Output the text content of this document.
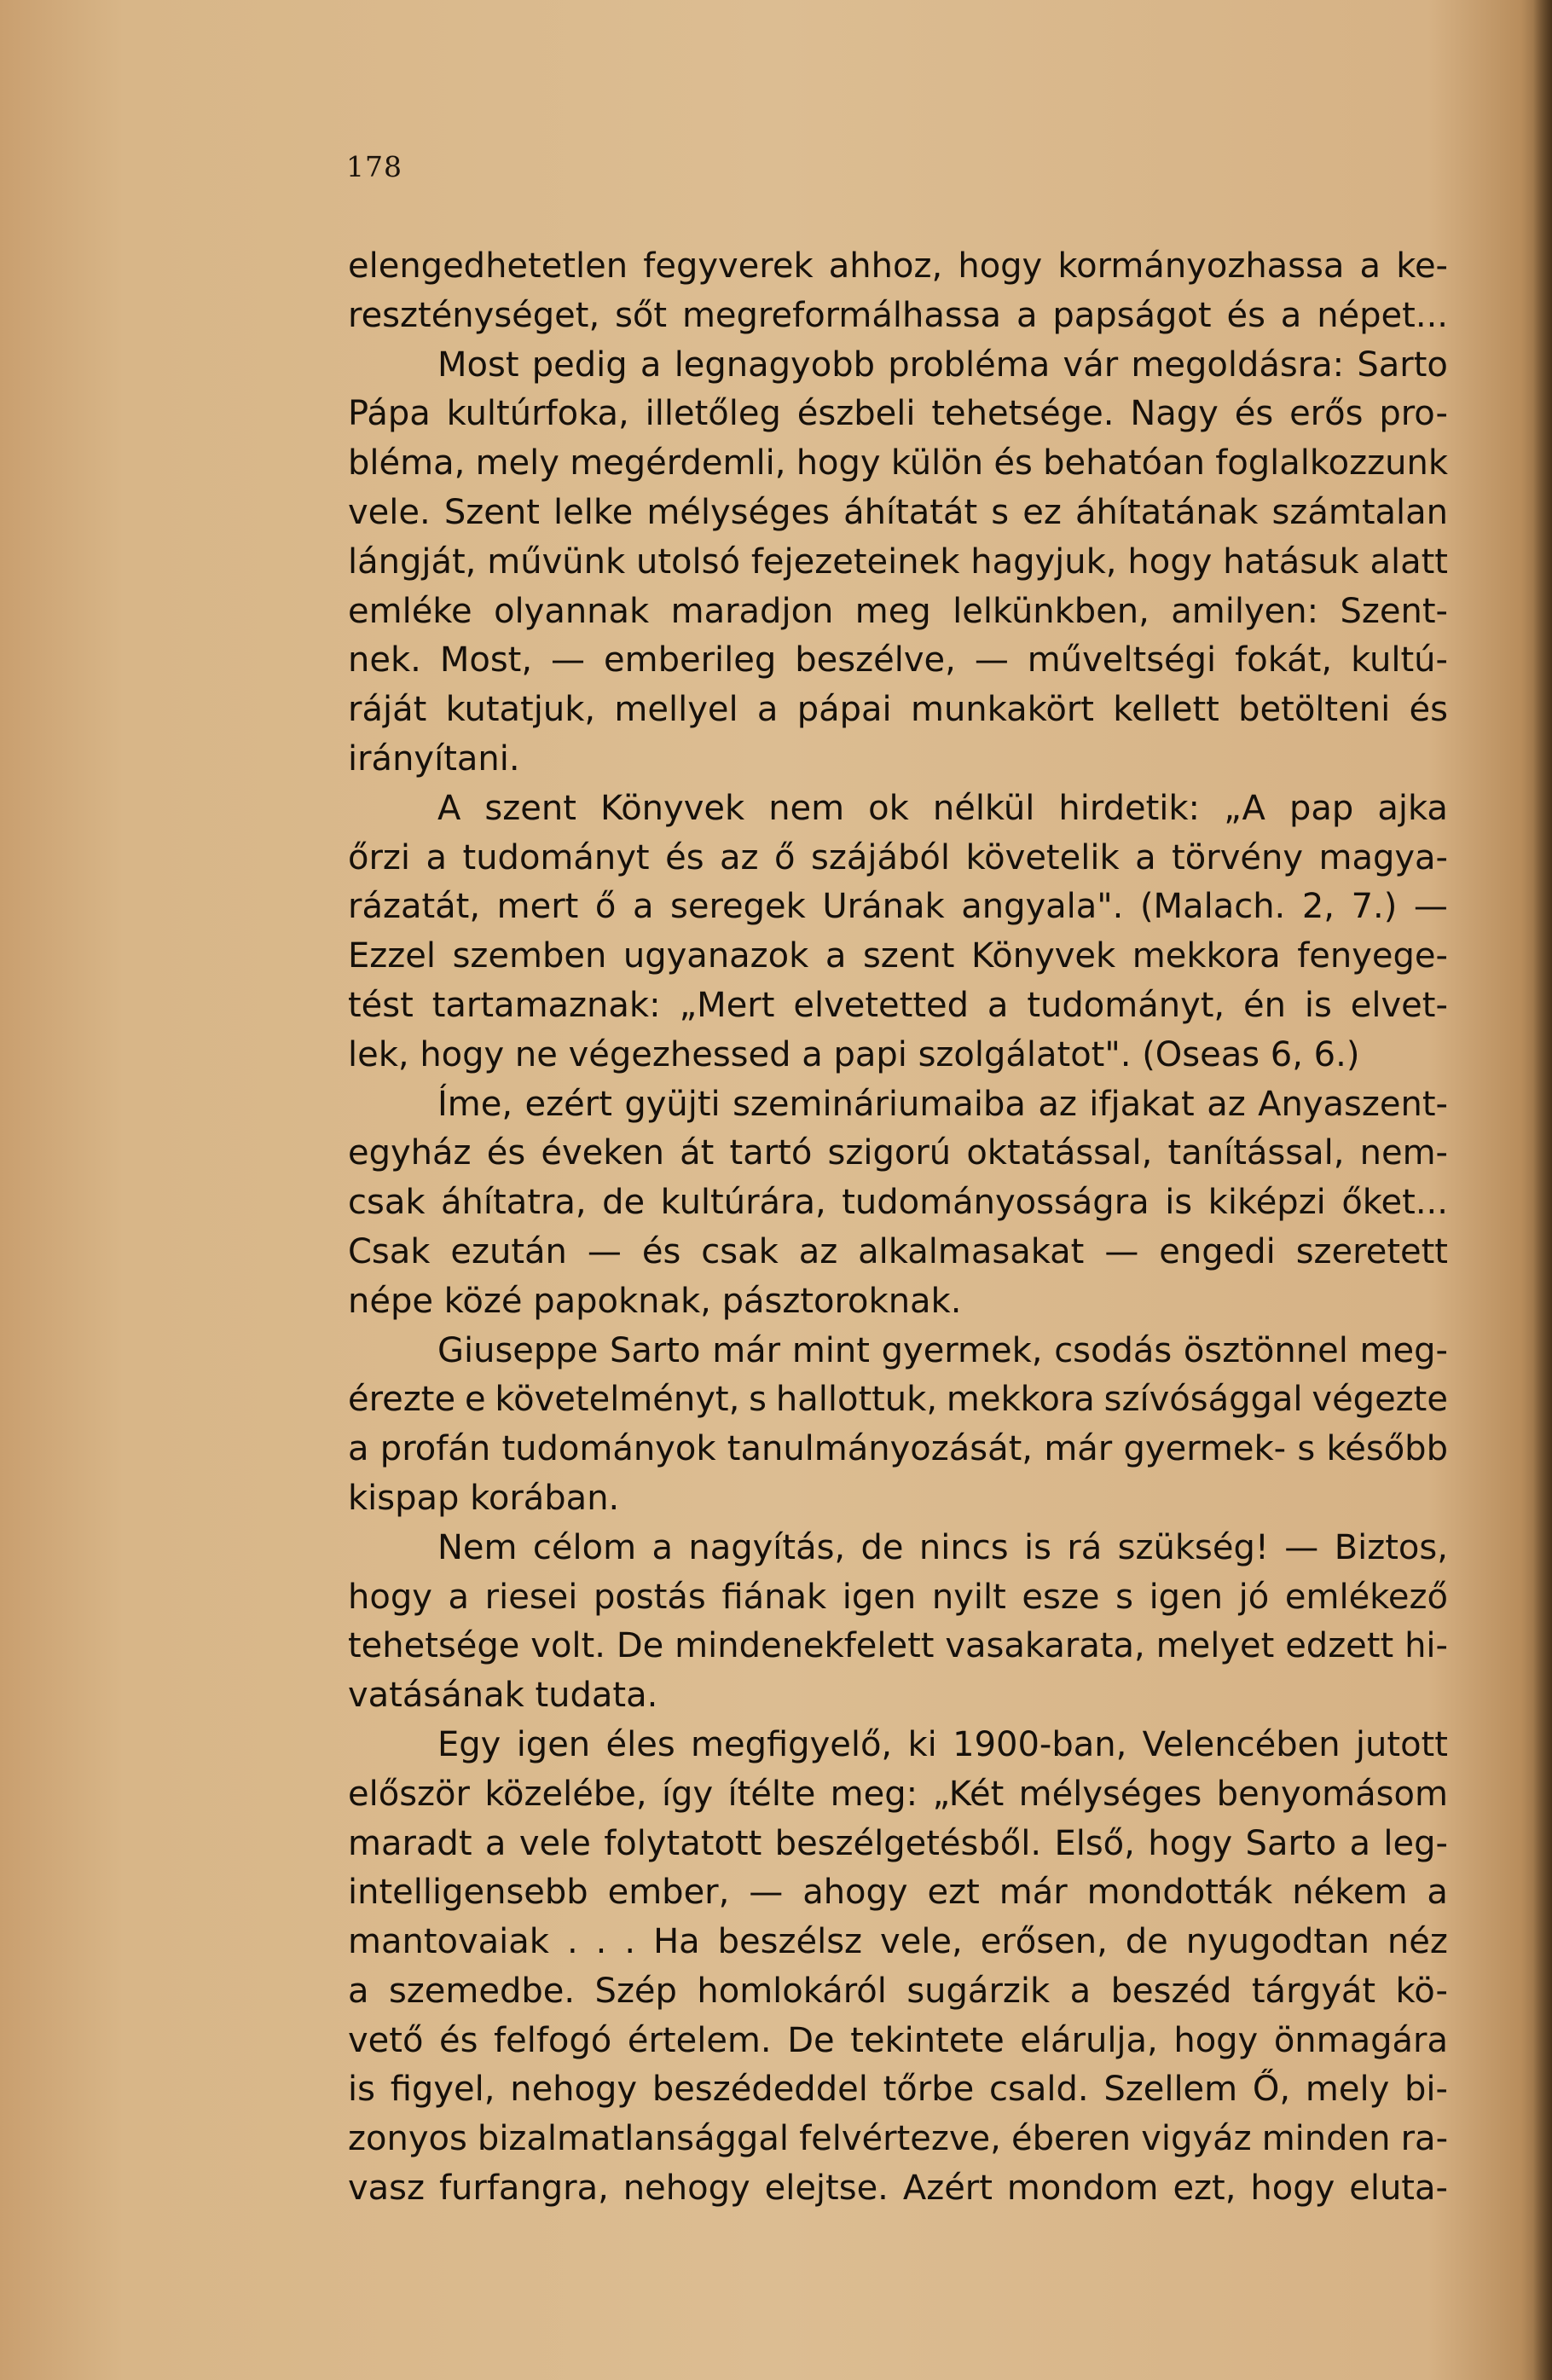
178
elengedhetetlen fegyverek ahhoz, hogy kormányozhassa a ke-
reszténységet, sőt megreformálhassa a papságot és a népet...
Most pedig a legnagyobb probléma vár megoldásra: Sarto
Pápa kultúrfoka, illetőleg észbeli tehetsége. Nagy és erős pro-
bléma, mely megérdemli, hogy külön és behatóan foglalkozzunk
vele. Szent lelke mélységes áhítatát s ez áhítatának számtalan
lángját, művünk utolsó fejezeteinek hagyjuk, hogy hatásuk alatt
emléke olyannak maradjon meg lelkünkben, amilyen: Szent-
nek. Most, — emberileg beszélve, — műveltségi fokát, kultú-
ráját kutatjuk, mellyel a pápai munkakört kellett betölteni és
irányítani.
A szent Könyvek nem ok nélkül hirdetik: „A pap ajka
őrzi a tudományt és az ő szájából követelik a törvény magya-
rázatát, mert ő a seregek Urának angyala". (Malach. 2, 7.) —
Ezzel szemben ugyanazok a szent Könyvek mekkora fenyege-
tést tartamaznak: „Mert elvetetted a tudományt, én is elvet-
lek, hogy ne végezhessed a papi szolgálatot". (Oseas 6, 6.)
Íme, ezért gyüjti szemináriumaiba az ifjakat az Anyaszent-
egyház és éveken át tartó szigorú oktatással, tanítással, nem-
csak áhítatra, de kultúrára, tudományosságra is kiképzi őket...
Csak ezután — és csak az alkalmasakat — engedi szeretett
népe közé papoknak, pásztoroknak.
Giuseppe Sarto már mint gyermek, csodás ösztönnel meg-
érezte e követelményt, s hallottuk, mekkora szívósággal végezte
a profán tudományok tanulmányozását, már gyermek- s később
kispap korában.
Nem célom a nagyítás, de nincs is rá szükség! — Biztos,
hogy a riesei postás fiának igen nyilt esze s igen jó emlékező
tehetsége volt. De mindenekfelett vasakarata, melyet edzett hi-
vatásának tudata.
Egy igen éles megfigyelő, ki 1900-ban, Velencében jutott
először közelébe, így ítélte meg: „Két mélységes benyomásom
maradt a vele folytatott beszélgetésből. Első, hogy Sarto a leg-
intelligensebb ember, — ahogy ezt már mondották nékem a
mantovaiak . . . Ha beszélsz vele, erősen, de nyugodtan néz
a szemedbe. Szép homlokáról sugárzik a beszéd tárgyát kö-
vető és felfogó értelem. De tekintete elárulja, hogy önmagára
is figyel, nehogy beszédeddel tőrbe csald. Szellem Ő, mely bi-
zonyos bizalmatlansággal felvértezve, éberen vigyáz minden ra-
vasz furfangra, nehogy elejtse. Azért mondom ezt, hogy eluta-
